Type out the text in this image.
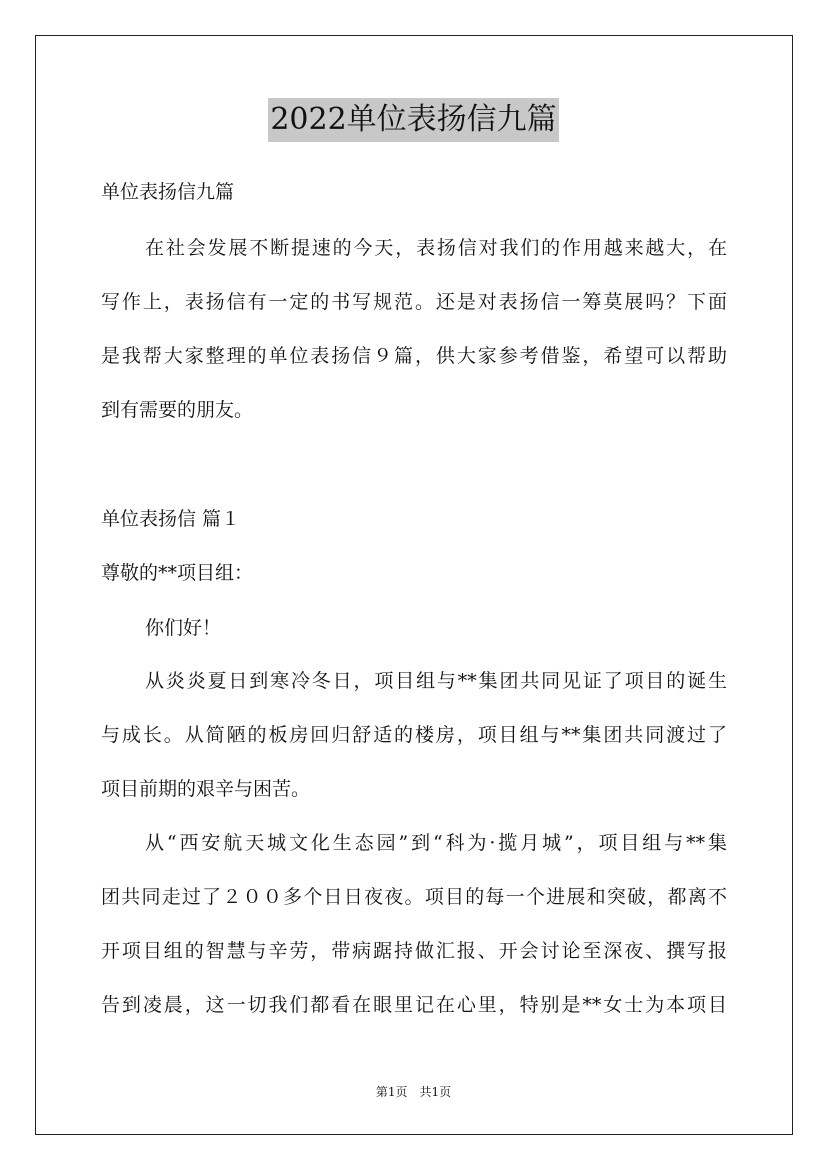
2022单位表扬信九篇
单位表扬信九篇
在社会发展不断提速的今天，表扬信对我们的作用越来越大，在
写作上，表扬信有一定的书写规范。还是对表扬信一筹莫展吗？下面
是我帮大家整理的单位表扬信９篇，供大家参考借鉴，希望可以帮助
到有需要的朋友。
单位表扬信 篇１
尊敬的**项目组：
你们好！
从炎炎夏日到寒冷冬日，项目组与**集团共同见证了项目的诞生
与成长。从简陋的板房回归舒适的楼房，项目组与**集团共同渡过了
项目前期的艰辛与困苦。
从“西安航天城文化生态园”到“科为·揽月城”，项目组与**集
团共同走过了２００多个日日夜夜。项目的每一个进展和突破，都离不
开项目组的智慧与辛劳，带病踞持做汇报、开会讨论至深夜、撰写报
告到凌晨，这一切我们都看在眼里记在心里，特别是**女士为本项目
第1页　共1页
